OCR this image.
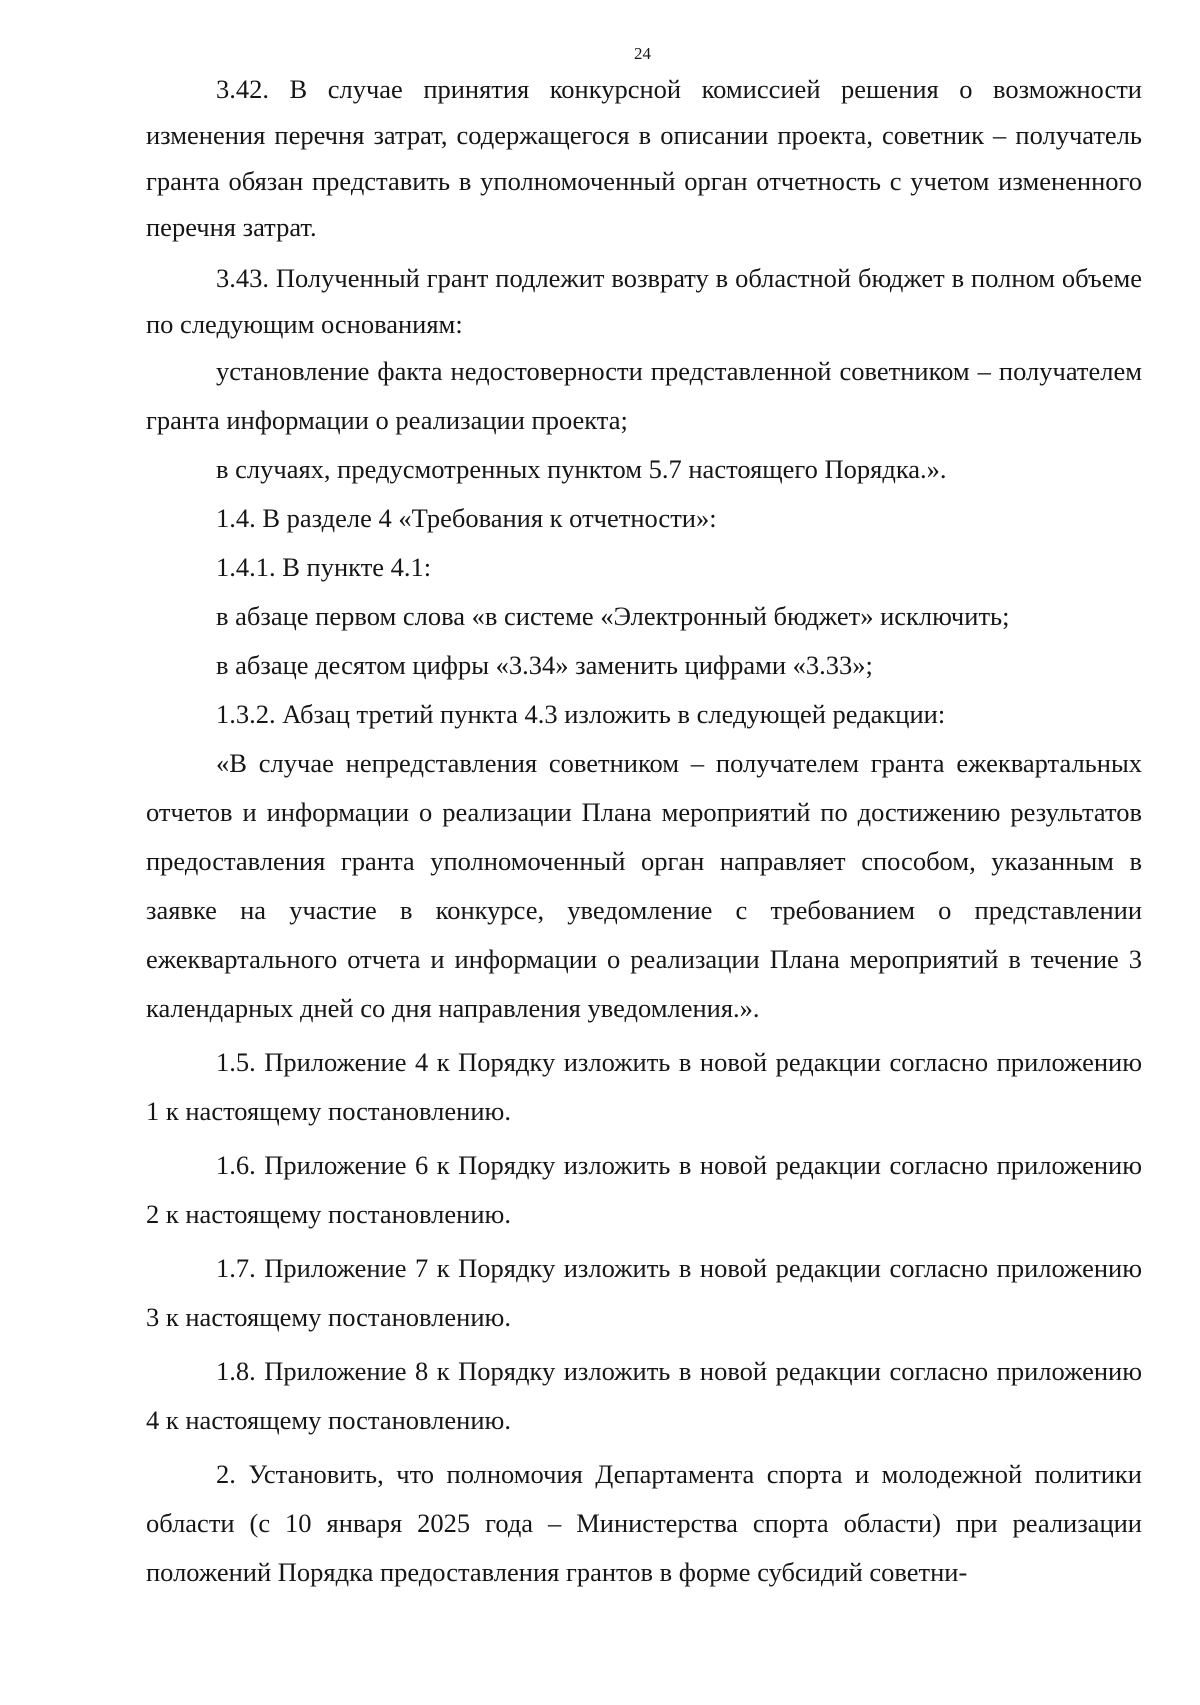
24

3.42. В случае принятия конкурсной комиссией решения о возможности изменения перечня затрат, содержащегося в описании проекта, советник – получатель гранта обязан представить в уполномоченный орган отчетность с учетом измененного перечня затрат.

3.43. Полученный грант подлежит возврату в областной бюджет в полном объеме по следующим основаниям:

установление факта недостоверности представленной советником – получателем гранта информации о реализации проекта;

в случаях, предусмотренных пунктом 5.7 настоящего Порядка.».

1.4. В разделе 4 «Требования к отчетности»:

1.4.1. В пункте 4.1:

в абзаце первом слова «в системе «Электронный бюджет» исключить;

в абзаце десятом цифры «3.34» заменить цифрами «3.33»;

1.3.2. Абзац третий пункта 4.3 изложить в следующей редакции:

«В случае непредставления советником – получателем гранта ежеквартальных отчетов и информации о реализации Плана мероприятий по достижению результатов предоставления гранта уполномоченный орган направляет способом, указанным в заявке на участие в конкурсе, уведомление с требованием о представлении ежеквартального отчета и информации о реализации Плана мероприятий в течение 3 календарных дней со дня направления уведомления.».

1.5. Приложение 4 к Порядку изложить в новой редакции согласно приложению 1 к настоящему постановлению.

1.6. Приложение 6 к Порядку изложить в новой редакции согласно приложению 2 к настоящему постановлению.

1.7. Приложение 7 к Порядку изложить в новой редакции согласно приложению 3 к настоящему постановлению.

1.8. Приложение 8 к Порядку изложить в новой редакции согласно приложению 4 к настоящему постановлению.

2. Установить, что полномочия Департамента спорта и молодежной политики области (с 10 января 2025 года – Министерства спорта области) при реализации положений Порядка предоставления грантов в форме субсидий советни-
